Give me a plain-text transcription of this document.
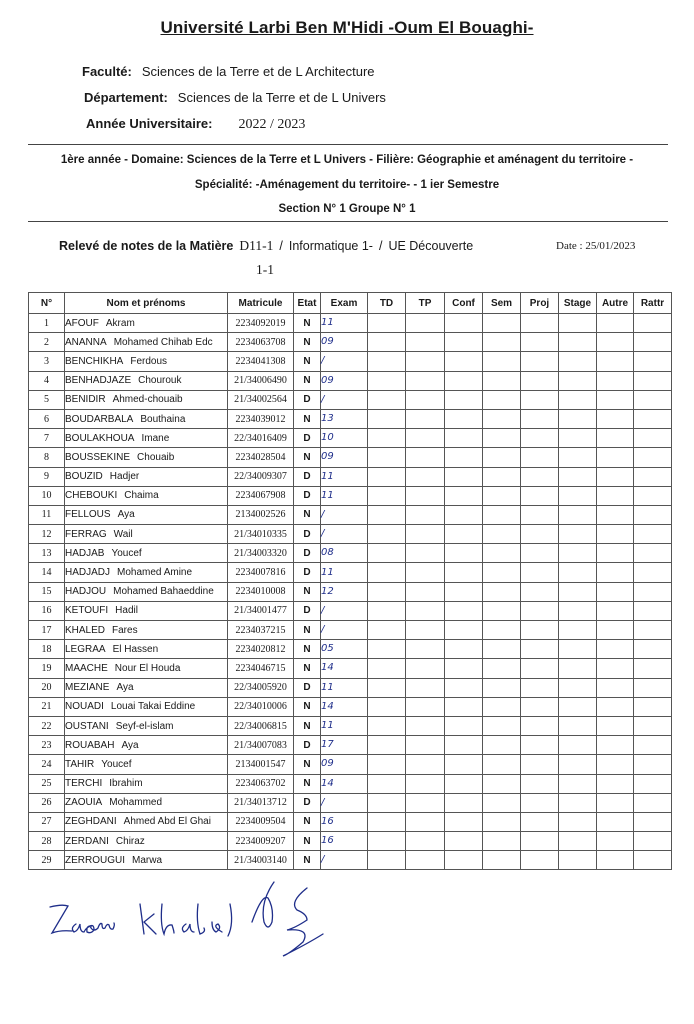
Université Larbi Ben M'Hidi -Oum El Bouaghi-
Faculté: Sciences de la Terre et de L Architecture
Département: Sciences de la Terre et de L Univers
Année Universitaire: 2022 / 2023
1ère année - Domaine: Sciences de la Terre et L Univers - Filière: Géographie et aménagent du territoire -
Spécialité: -Aménagement du territoire- - 1 ier Semestre
Section N° 1 Groupe N° 1
Relevé de notes de la Matière D11-1 / Informatique 1- / UE Découverte	Date : 25/01/2023
1-1
N°	Nom et prénoms	Matricule	Etat	Exam	TD	TP	Conf	Sem	Proj	Stage	Autre	Rattr
1	AFOUF Akram	2234092019	N	11								
2	ANANNA Mohamed Chihab Edc	2234063708	N	09								
3	BENCHIKHA Ferdous	2234041308	N	/								
4	BENHADJAZE Chourouk	21/34006490	N	09								
5	BENIDIR Ahmed-chouaib	21/34002564	D	/								
6	BOUDARBALA Bouthaina	2234039012	N	13								
7	BOULAKHOUA Imane	22/34016409	D	10								
8	BOUSSEKINE Chouaib	2234028504	N	09								
9	BOUZID Hadjer	22/34009307	D	11								
10	CHEBOUKI Chaima	2234067908	D	11								
11	FELLOUS Aya	2134002526	N	/								
12	FERRAG Wail	21/34010335	D	/								
13	HADJAB Youcef	21/34003320	D	08								
14	HADJADJ Mohamed Amine	2234007816	D	11								
15	HADJOU Mohamed Bahaeddine	2234010008	N	12								
16	KETOUFI Hadil	21/34001477	D	/								
17	KHALED Fares	2234037215	N	/								
18	LEGRAA El Hassen	2234020812	N	05								
19	MAACHE Nour El Houda	2234046715	N	14								
20	MEZIANE Aya	22/34005920	D	11								
21	NOUADI Louai Takai Eddine	22/34010006	N	14								
22	OUSTANI Seyf-el-islam	22/34006815	N	11								
23	ROUABAH Aya	21/34007083	D	17								
24	TAHIR Youcef	2134001547	N	09								
25	TERCHI Ibrahim	2234063702	N	14								
26	ZAOUIA Mohammed	21/34013712	D	/								
27	ZEGHDANI Ahmed Abd El Ghai	2234009504	N	16								
28	ZERDANI Chiraz	2234009207	N	16								
29	ZERROUGUI Marwa	21/34003140	N	/								
